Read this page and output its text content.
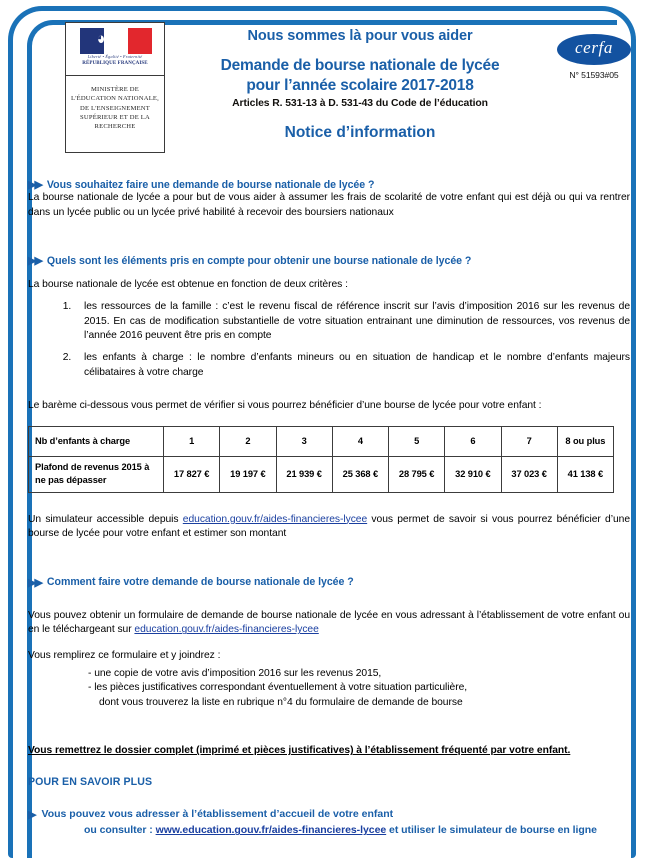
◕
Liberté • Égalité • Fraternité
RÉPUBLIQUE FRANÇAISE
MINISTÈRE DE L'ÉDUCATION NATIONALE, DE L'ENSEIGNEMENT SUPÉRIEUR ET DE LA RECHERCHE
Nous sommes là pour vous aider
Demande de bourse nationale de lycée
pour l’année scolaire 2017-2018
Articles R. 531-13 à D. 531-43 du Code de l’éducation
Notice d’information
cerfa
N° 51593#05
▶▶ Vous souhaitez faire une demande de bourse nationale de lycée ?

La bourse nationale de lycée a pour but de vous aider à assumer les frais de scolarité de votre enfant qui est déjà ou qui va rentrer dans un lycée public ou un lycée privé habilité à recevoir des boursiers nationaux

▶▶ Quels sont les éléments pris en compte pour obtenir une bourse nationale de lycée ?

La bourse nationale de lycée est obtenue en fonction de deux critères :

1. les ressources de la famille : c’est le revenu fiscal de référence inscrit sur l’avis d’imposition 2016 sur les revenus de 2015. En cas de modification substantielle de votre situation entrainant une diminution de ressources, vos revenus de l’année 2016 peuvent être pris en compte
2. les enfants à charge : le nombre d’enfants mineurs ou en situation de handicap et le nombre d’enfants majeurs célibataires à votre charge

Le barème ci-dessous vous permet de vérifier si vous pourrez bénéficier d’une bourse de lycée pour votre enfant :

Nb d’enfants à charge	1	2	3	4	5	6	7	8 ou plus
Plafond de revenus 2015 à ne pas dépasser	17 827 €	19 197 €	21 939 €	25 368 €	28 795 €	32 910 €	37 023 €	41 138 €

Un simulateur accessible depuis education.gouv.fr/aides-financieres-lycee vous permet de savoir si vous pourrez bénéficier d’une bourse de lycée pour votre enfant et estimer son montant

▶▶ Comment faire votre demande de bourse nationale de lycée ?

Vous pouvez obtenir un formulaire de demande de bourse nationale de lycée en vous adressant à l’établissement de votre enfant ou en le téléchargeant sur education.gouv.fr/aides-financieres-lycee

Vous remplirez ce formulaire et y joindrez :

- une copie de votre avis d’imposition 2016 sur les revenus 2015,
- les pièces justificatives correspondant éventuellement à votre situation particulière,
dont vous trouverez la liste en rubrique n°4 du formulaire de demande de bourse
Vous remettrez le dossier complet (imprimé et pièces justificatives) à l’établissement fréquenté par votre enfant.
POUR EN SAVOIR PLUS
▶ Vous pouvez vous adresser à l’établissement d’accueil de votre enfant
ou consulter : www.education.gouv.fr/aides-financieres-lycee et utiliser le simulateur de bourse en ligne
